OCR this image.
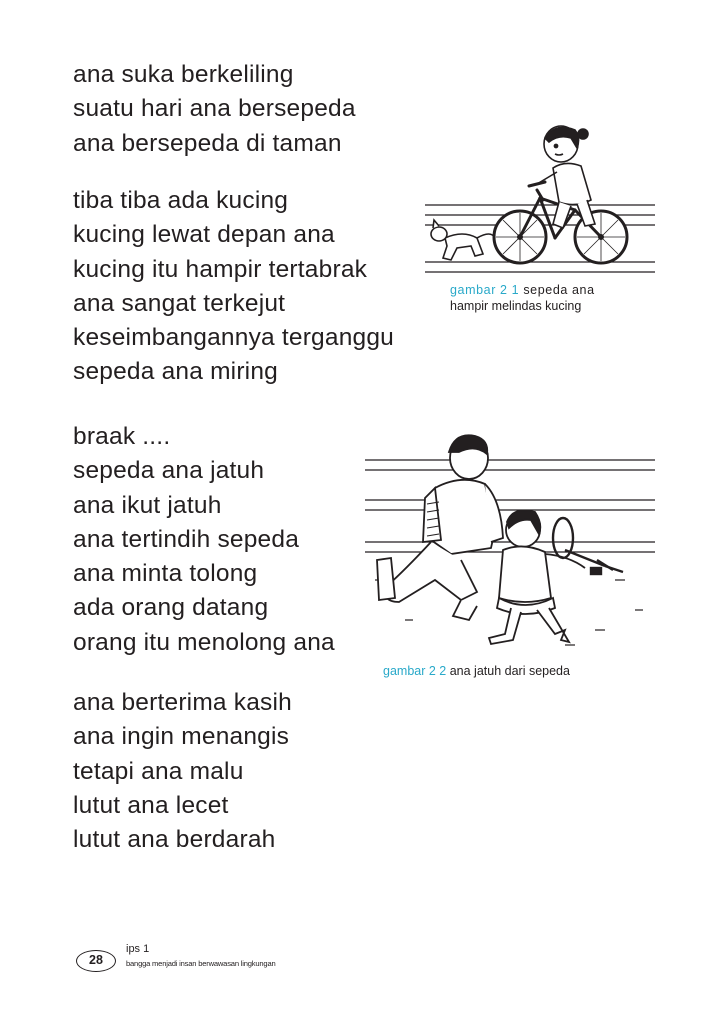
ana suka berkeliling
suatu hari ana bersepeda
ana bersepeda di taman
tiba tiba ada kucing
kucing lewat depan ana
kucing itu hampir tertabrak
ana sangat terkejut
keseimbangannya terganggu
sepeda ana miring
braak ....
sepeda ana jatuh
ana ikut jatuh
ana tertindih sepeda
ana minta tolong
ada orang datang
orang itu menolong ana
ana berterima kasih
ana ingin menangis
tetapi ana malu
lutut ana lecet
lutut ana berdarah
gambar 2 1 sepeda ana
hampir melindas kucing
gambar 2 2 ana jatuh dari sepeda
28
ips 1
bangga menjadi insan berwawasan lingkungan
